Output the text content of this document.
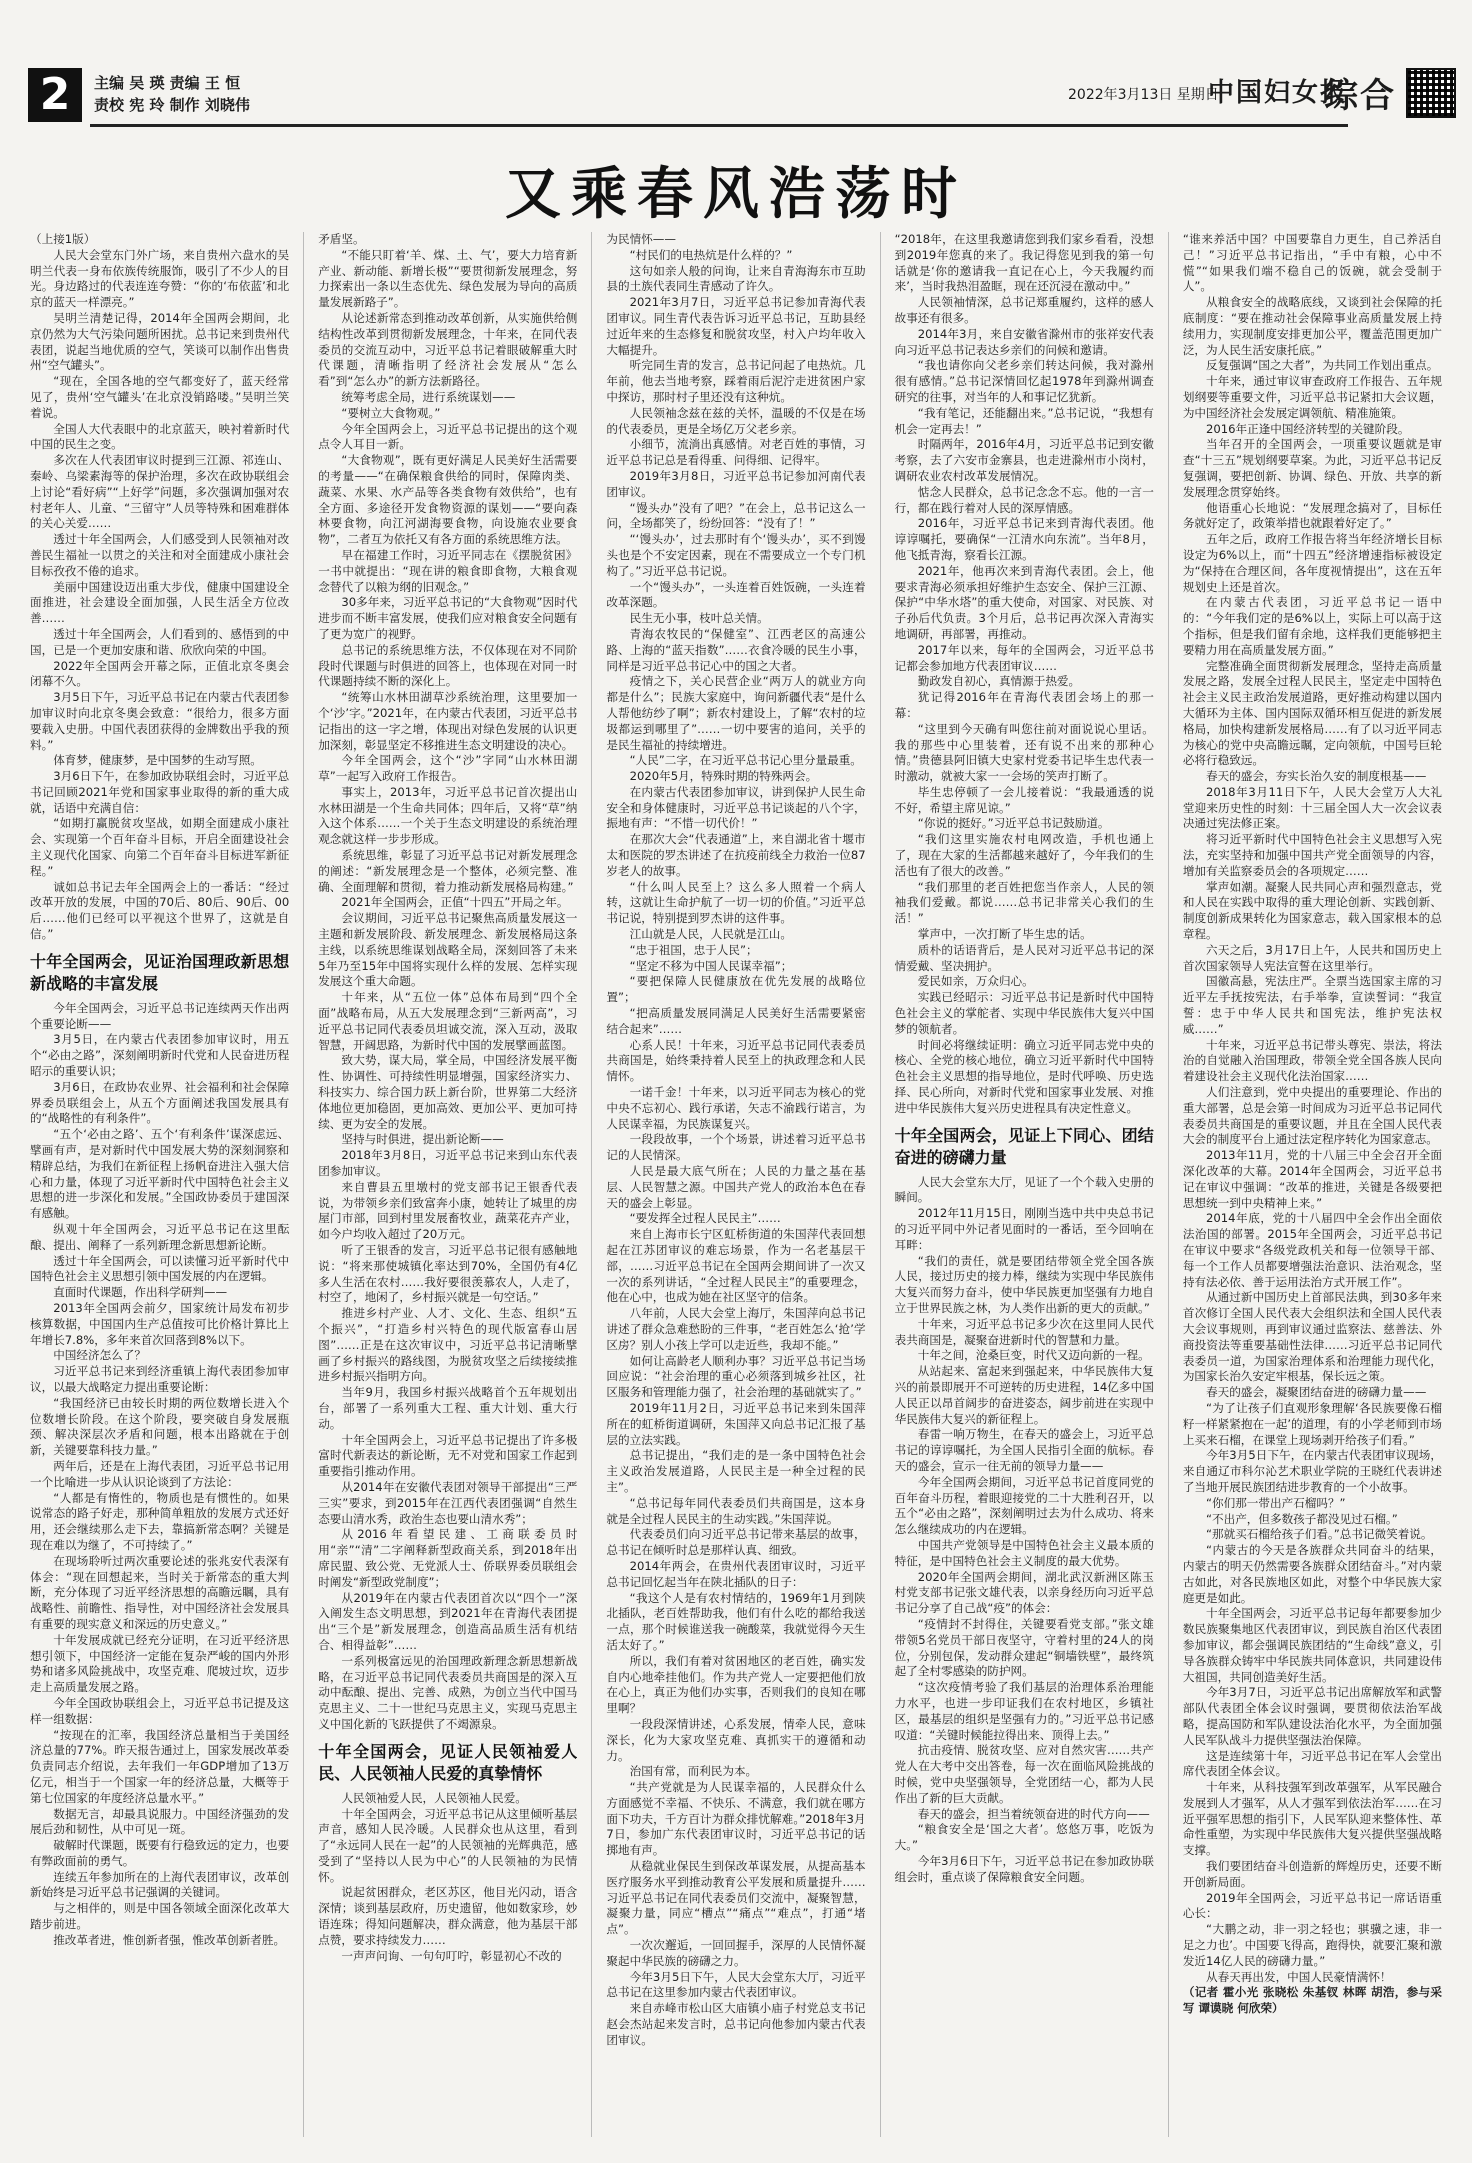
2	主编 吴 瑛 责编 王 恒
责校 宪 玲 制作 刘晓伟
2022年3月13日 星期日
中国妇女报
综合
又乘春风浩荡时

（上接1版）

人民大会堂东门外广场，来自贵州六盘水的吴明兰代表一身布依族传统服饰，吸引了不少人的目光。身边路过的代表连连夸赞：“你的‘布依蓝’和北京的蓝天一样漂亮。”

吴明兰清楚记得，2014年全国两会期间，北京仍然为大气污染问题所困扰。总书记来到贵州代表团，说起当地优质的空气，笑谈可以制作出售贵州“空气罐头”。

“现在，全国各地的空气都变好了，蓝天经常见了，贵州‘空气罐头’在北京没销路喽。”吴明兰笑着说。

全国人大代表眼中的北京蓝天，映衬着新时代中国的民生之变。

多次在人代表团审议时提到三江源、祁连山、秦岭、乌梁素海等的保护治理，多次在政协联组会上讨论“看好病”“上好学”问题，多次强调加强对农村老年人、儿童、“三留守”人员等特殊和困难群体的关心关爱……

透过十年全国两会，人们感受到人民领袖对改善民生福祉一以贯之的关注和对全面建成小康社会目标孜孜不倦的追求。

美丽中国建设迈出重大步伐，健康中国建设全面推进，社会建设全面加强，人民生活全方位改善……

透过十年全国两会，人们看到的、感悟到的中国，已是一个更加安康和谐、欣欣向荣的中国。

2022年全国两会开幕之际，正值北京冬奥会闭幕不久。

3月5日下午，习近平总书记在内蒙古代表团参加审议时向北京冬奥会致意：“很给力，很多方面要载入史册。中国代表团获得的金牌数出乎我的预料。”

体育梦，健康梦，是中国梦的生动写照。

3月6日下午，在参加政协联组会时，习近平总书记回顾2021年党和国家事业取得的新的重大成就，话语中充满自信：

“如期打赢脱贫攻坚战，如期全面建成小康社会、实现第一个百年奋斗目标，开启全面建设社会主义现代化国家、向第二个百年奋斗目标进军新征程。”

诚如总书记去年全国两会上的一番话：“经过改革开放的发展，中国的70后、80后、90后、00后……他们已经可以平视这个世界了，这就是自信。”

十年全国两会，见证治国理政新思想新战略的丰富发展

今年全国两会，习近平总书记连续两天作出两个重要论断——

3月5日，在内蒙古代表团参加审议时，用五个“必由之路”，深刻阐明新时代党和人民奋进历程昭示的重要认识；

3月6日，在政协农业界、社会福利和社会保障界委员联组会上，从五个方面阐述我国发展具有的“战略性的有利条件”。

“五个‘必由之路’、五个‘有利条件’谋深虑远、擘画有声，是对新时代中国发展大势的深刻洞察和精辟总结，为我们在新征程上扬帆奋进注入强大信心和力量，体现了习近平新时代中国特色社会主义思想的进一步深化和发展。”全国政协委员于建国深有感触。

纵观十年全国两会，习近平总书记在这里酝酿、提出、阐释了一系列新理念新思想新论断。

透过十年全国两会，可以读懂习近平新时代中国特色社会主义思想引领中国发展的内在逻辑。

直面时代课题，作出科学研判——

2013年全国两会前夕，国家统计局发布初步核算数据，中国国内生产总值按可比价格计算比上年增长7.8%，多年来首次回落到8%以下。

中国经济怎么了？

习近平总书记来到经济重镇上海代表团参加审议，以最大战略定力提出重要论断：

“我国经济已由较长时期的两位数增长进入个位数增长阶段。在这个阶段，要突破自身发展瓶颈、解决深层次矛盾和问题，根本出路就在于创新，关键要靠科技力量。”

两年后，还是在上海代表团，习近平总书记用一个比喻进一步从认识论谈到了方法论：

“人都是有惰性的，物质也是有惯性的。如果说常态的路子好走，那种简单粗放的发展方式还好用，还会继续那么走下去，靠搞新常态啊？关键是现在难以为继了，不可持续了。”

在现场聆听过两次重要论述的张兆安代表深有体会：“现在回想起来，当时关于新常态的重大判断，充分体现了习近平经济思想的高瞻远瞩，具有战略性、前瞻性、指导性，对中国经济社会发展具有重要的现实意义和深远的历史意义。”

十年发展成就已经充分证明，在习近平经济思想引领下，中国经济一定能在复杂严峻的国内外形势和诸多风险挑战中，攻坚克难、爬坡过坎，迈步走上高质量发展之路。

今年全国政协联组会上，习近平总书记提及这样一组数据：

“按现在的汇率，我国经济总量相当于美国经济总量的77%。昨天报告通过上，国家发展改革委负责同志介绍说，去年我们一年GDP增加了13万亿元，相当于一个国家一年的经济总量，大概等于第七位国家的年度经济总量水平。”

数据无言，却最具说服力。中国经济强劲的发展后劲和韧性，从中可见一斑。

破解时代课题，既要有行稳致远的定力，也要有弊政面前的勇气。

连续五年参加所在的上海代表团审议，改革创新始终是习近平总书记强调的关键词。

与之相伴的，则是中国各领域全面深化改革大踏步前进。

推改革者进，惟创新者强，惟改革创新者胜。

矛盾坚。

“不能只盯着‘羊、煤、土、气’，要大力培育新产业、新动能、新增长极”“要贯彻新发展理念，努力探索出一条以生态优先、绿色发展为导向的高质量发展新路子”。

从论述新常态到推动改革创新，从实施供给侧结构性改革到贯彻新发展理念，十年来，在同代表委员的交流互动中，习近平总书记着眼破解重大时代课题，清晰指明了经济社会发展从“怎么看”到“怎么办”的新方法新路径。

统筹考虑全局，进行系统谋划——

“要树立大食物观。”

今年全国两会上，习近平总书记提出的这个观点令人耳目一新。

“大食物观”，既有更好满足人民美好生活需要的考量——“在确保粮食供给的同时，保障肉类、蔬菜、水果、水产品等各类食物有效供给”，也有全方面、多途径开发食物资源的谋划——“要向森林要食物，向江河湖海要食物，向设施农业要食物”，二者互为依托又有各方面的系统思维方法。

早在福建工作时，习近平同志在《摆脱贫困》一书中就提出：“现在讲的粮食即食物，大粮食观念替代了以粮为纲的旧观念。”

30多年来，习近平总书记的“大食物观”因时代进步而不断丰富发展，使我们应对粮食安全问题有了更为宽广的视野。

总书记的系统思维方法，不仅体现在对不同阶段时代课题与时俱进的回答上，也体现在对同一时代课题持续不断的深化上。

“统筹山水林田湖草沙系统治理，这里要加一个‘沙’字。”2021年，在内蒙古代表团，习近平总书记指出的这一字之增，体现出对绿色发展的认识更加深刻，彰显坚定不移推进生态文明建设的决心。

今年全国两会，这个“沙”字同“山水林田湖草”一起写入政府工作报告。

事实上，2013年，习近平总书记首次提出山水林田湖是一个生命共同体；四年后，又将“草”纳入这个体系……一个关于生态文明建设的系统治理观念就这样一步步形成。

系统思维，彰显了习近平总书记对新发展理念的阐述：“新发展理念是一个整体，必须完整、准确、全面理解和贯彻，着力推动新发展格局构建。”

2021年全国两会，正值“十四五”开局之年。

会议期间，习近平总书记聚焦高质量发展这一主题和新发展阶段、新发展理念、新发展格局这条主线，以系统思维谋划战略全局，深刻回答了未来5年乃至15年中国将实现什么样的发展、怎样实现发展这个重大命题。

十年来，从“五位一体”总体布局到“四个全面”战略布局，从五大发展理念到“三新两高”，习近平总书记同代表委员坦诚交流，深入互动，汲取智慧，开阔思路，为新时代中国的发展擘画蓝图。

致大势，谋大局，掌全局，中国经济发展平衡性、协调性、可持续性明显增强，国家经济实力、科技实力、综合国力跃上新台阶，世界第二大经济体地位更加稳固，更加高效、更加公平、更加可持续、更为安全的发展。

坚持与时俱进，提出新论断——

2018年3月8日，习近平总书记来到山东代表团参加审议。

来自曹县五里墩村的党支部书记王银香代表说，为带领乡亲们致富奔小康，她转让了城里的房屋门市部，回到村里发展畜牧业，蔬菜花卉产业，如今户均收入超过了20万元。

听了王银香的发言，习近平总书记很有感触地说：“将来那使城镇化率达到70%，全国仍有4亿多人生活在农村……我好要很羡慕农人，人走了，村空了，地闲了，乡村振兴就是一句空话。”

推进乡村产业、人才、文化、生态、组织“五个振兴”，“打造乡村兴特色的现代版富春山居图”……正是在这次审议中，习近平总书记清晰擘画了乡村振兴的路线图，为脱贫攻坚之后续接续推进乡村振兴指明方向。

当年9月，我国乡村振兴战略首个五年规划出台，部署了一系列重大工程、重大计划、重大行动。

十年全国两会上，习近平总书记提出了许多极富时代新表达的新论断，无不对党和国家工作起到重要指引推动作用。

从2014年在安徽代表团对领导干部提出“三严三实”要求，到2015年在江西代表团强调“自然生态要山清水秀，政治生态也要山清水秀”；

从2016年看望民建、工商联委员时用“亲”“清”二字阐释新型政商关系，到2018年出席民盟、致公党、无党派人士、侨联界委员联组会时阐发“新型政党制度”；

从2019年在内蒙古代表团首次以“四个一”深入阐发生态文明思想，到2021年在青海代表团提出“三个是”新发展理念，创造高品质生活有机结合、相得益彰”……

一系列极富远见的治国理政新理念新思想新战略，在习近平总书记同代表委员共商国是的深入互动中酝酿、提出、完善、成熟，为创立当代中国马克思主义、二十一世纪马克思主义，实现马克思主义中国化新的飞跃提供了不竭源泉。

十年全国两会，见证人民领袖爱人民、人民领袖人民爱的真挚情怀

人民领袖爱人民，人民领袖人民爱。

十年全国两会，习近平总书记从这里倾听基层声音，感知人民冷暖。人民群众也从这里，看到了“永远同人民在一起”的人民领袖的光辉典范，感受到了“坚持以人民为中心”的人民领袖的为民情怀。

说起贫困群众，老区苏区，他目光闪动，语含深情；谈到基层政府，历史遗留，他如数家珍，妙语连珠；得知问题解决，群众满意，他为基层干部点赞，要求持续发力……

一声声问询、一句句叮咛，彰显初心不改的

为民情怀——

“村民们的电热炕是什么样的？”

这句如亲人般的问询，让来自青海海东市互助县的土族代表同生青感动了许久。

2021年3月7日，习近平总书记参加青海代表团审议。同生青代表告诉习近平总书记，互助县经过近年来的生态修复和脱贫攻坚，村入户均年收入大幅提升。

听完同生青的发言，总书记问起了电热炕。几年前，他去当地考察，踩着雨后泥泞走进贫困户家中探访，那时村子里还没有这种炕。

人民领袖念兹在兹的关怀，温暖的不仅是在场的代表委员，更是全场亿万父老乡亲。

小细节，流淌出真感情。对老百姓的事情，习近平总书记总是看得重、问得细、记得牢。

2019年3月8日，习近平总书记参加河南代表团审议。

“馒头办”没有了吧？”在会上，总书记这么一问，全场都笑了，纷纷回答：“没有了！”

“‘馒头办’，过去那时有个‘馒头办’，买不到馒头也是个不安定因素，现在不需要成立一个专门机构了。”习近平总书记说。

一个“馒头办”，一头连着百姓饭碗，一头连着改革深题。

民生无小事，枝叶总关情。

青海农牧民的“保健室”、江西老区的高速公路、上海的“蓝天指数”……衣食冷暖的民生小事，同样是习近平总书记心中的国之大者。

疫情之下，关心民营企业“两万人的就业方向都是什么”；民族大家庭中，询问新疆代表“是什么人帮他纺纱了啊”；新农村建设上，了解“农村的垃圾都运到哪里了”……一切中要害的追问，关乎的是民生福祉的持续增进。

“人民”二字，在习近平总书记心里分量最重。

2020年5月，特殊时期的特殊两会。

在内蒙古代表团参加审议，讲到保护人民生命安全和身体健康时，习近平总书记谈起的八个字，振地有声：“不惜一切代价！”

在那次大会“代表通道”上，来自湖北省十堰市太和医院的罗杰讲述了在抗疫前线全力救治一位87岁老人的故事。

“什么叫人民至上？这么多人照着一个病人转，这就让生命护航了一切一切的价值。”习近平总书记说，特别提到罗杰讲的这件事。

江山就是人民，人民就是江山。

“忠于祖国，忠于人民”；

“坚定不移为中国人民谋幸福”；

“要把保障人民健康放在优先发展的战略位置”；

“把高质量发展同满足人民美好生活需要紧密结合起来”……

心系人民！十年来，习近平总书记同代表委员共商国是，始终秉持着人民至上的执政理念和人民情怀。

一诺千金！十年来，以习近平同志为核心的党中央不忘初心、践行承诺，矢志不渝践行诺言，为人民谋幸福，为民族谋复兴。

一段段故事，一个个场景，讲述着习近平总书记的人民情深。

人民是最大底气所在；人民的力量之基在基层、人民智慧之源。中国共产党人的政治本色在春天的盛会上彰显。

“要发挥全过程人民民主”……

来自上海市长宁区虹桥街道的朱国萍代表回想起在江苏团审议的难忘场景，作为一名老基层干部，……习近平总书记在全国两会期间讲了一次又一次的系列讲话，“全过程人民民主”的重要理念，他在心中，也成为她在社区坚守的信条。

八年前，人民大会堂上海厅，朱国萍向总书记讲述了群众急难愁盼的三件事，“老百姓怎么‘抢’学区房？别人小孩上学可以走近些，我却不能。”

如何让高龄老人顺利办事？习近平总书记当场回应说：“社会治理的重心必须落到城乡社区，社区服务和管理能力强了，社会治理的基础就实了。”

2019年11月2日，习近平总书记来到朱国萍所在的虹桥街道调研，朱国萍又向总书记汇报了基层的立法实践。

总书记提出，“我们走的是一条中国特色社会主义政治发展道路，人民民主是一种全过程的民主”。

“总书记每年同代表委员们共商国是，这本身就是全过程人民民主的生动实践。”朱国萍说。

代表委员们向习近平总书记带来基层的故事，总书记在倾听时总是那样认真、细致。

2014年两会，在贵州代表团审议时，习近平总书记回忆起当年在陕北插队的日子：

“我这个人是有农村情结的，1969年1月到陕北插队，老百姓帮助我，他们有什么吃的都给我送一点，那个时候谁送我一碗酸菜，我就觉得今天生活太好了。”

所以，我们有着对贫困地区的老百姓，确实发自内心地牵挂他们。作为共产党人一定要把他们放在心上，真正为他们办实事，否则我们的良知在哪里啊？

一段段深情讲述，心系发展，情牵人民，意味深长，化为大家攻坚克难、真抓实干的遵循和动力。

治国有常，而利民为本。

“共产党就是为人民谋幸福的，人民群众什么方面感觉不幸福、不快乐、不满意，我们就在哪方面下功夫，千方百计为群众排忧解难。”2018年3月7日，参加广东代表团审议时，习近平总书记的话掷地有声。

从稳就业保民生到保改革谋发展，从提高基本医疗服务水平到推动教育公平发展和质量提升……习近平总书记在同代表委员们交流中，凝聚智慧，凝聚力量，同应“槽点”“痛点”“难点”，打通“堵点”。

一次次邂逅，一回回握手，深厚的人民情怀凝聚起中华民族的磅礴之力。

今年3月5日下午，人民大会堂东大厅，习近平总书记在这里参加内蒙古代表团审议。

来自赤峰市松山区大庙镇小庙子村党总支书记赵会杰站起来发言时，总书记向他参加内蒙古代表团审议。

“2018年，在这里我邀请您到我们家乡看看，没想到2019年您真的来了。我记得您见到我的第一句话就是‘你的邀请我一直记在心上，今天我履约而来’，当时我热泪盈眶，现在还沉浸在激动中。”

人民领袖情深，总书记郑重履约，这样的感人故事还有很多。

2014年3月，来自安徽省滁州市的张祥安代表向习近平总书记表达乡亲们的问候和邀请。

“我也请你向父老乡亲们转达问候，我对滁州很有感情。”总书记深情回忆起1978年到滁州调查研究的往事，对当年的人和事记忆犹新。

“我有笔记，还能翻出来。”总书记说，“我想有机会一定再去！”

时隔两年，2016年4月，习近平总书记到安徽考察，去了六安市金寨县，也走进滁州市小岗村，调研农业农村改革发展情况。

惦念人民群众，总书记念念不忘。他的一言一行，都在践行着对人民的深厚情感。

2016年，习近平总书记来到青海代表团。他谆谆嘱托，要确保“一江清水向东流”。当年8月，他飞抵青海，察看长江源。

2021年，他再次来到青海代表团。会上，他要求青海必须承担好维护生态安全、保护三江源、保护“中华水塔”的重大使命，对国家、对民族、对子孙后代负责。3个月后，总书记再次深入青海实地调研，再部署，再推动。

2017年以来，每年的全国两会，习近平总书记都会参加地方代表团审议……

勤政发自初心，真情源于热爱。

犹记得2016年在青海代表团会场上的那一幕：

“这里到今天确有叫您往前对面说说心里话。我的那些中心里装着，还有说不出来的那种心情。”贵德县阿旧镇大史家村党委书记毕生忠代表一时激动，就被大家一一会场的笑声打断了。

毕生忠停顿了一会儿接着说：“我最通透的说不好，希望主席见谅。”

“你说的挺好。”习近平总书记鼓励道。

“我们这里实施农村电网改造，手机也通上了，现在大家的生活都越来越好了，今年我们的生活也有了很大的改善。”

“我们那里的老百姓把您当作亲人，人民的领袖我们爱戴。都说……总书记非常关心我们的生活！”

掌声中，一次打断了毕生忠的话。

质朴的话语背后，是人民对习近平总书记的深情爱戴、坚决拥护。

爱民如亲，万众归心。

实践已经昭示：习近平总书记是新时代中国特色社会主义的掌舵者、实现中华民族伟大复兴中国梦的领航者。

时间必将继续证明：确立习近平同志党中央的核心、全党的核心地位，确立习近平新时代中国特色社会主义思想的指导地位，是时代呼唤、历史选择、民心所向，对新时代党和国家事业发展、对推进中华民族伟大复兴历史进程具有决定性意义。

十年全国两会，见证上下同心、团结奋进的磅礴力量

人民大会堂东大厅，见证了一个个载入史册的瞬间。

2012年11月15日，刚刚当选中共中央总书记的习近平同中外记者见面时的一番话，至今回响在耳畔：

“我们的责任，就是要团结带领全党全国各族人民，接过历史的接力棒，继续为实现中华民族伟大复兴而努力奋斗，使中华民族更加坚强有力地自立于世界民族之林，为人类作出新的更大的贡献。”

十年来，习近平总书记多少次在这里同人民代表共商国是，凝聚奋进新时代的智慧和力量。

十年之间，沧桑巨变，时代又迈向新的一程。

从站起来、富起来到强起来，中华民族伟大复兴的前景即展开不可逆转的历史进程，14亿多中国人民正以昂首阔步的奋进姿态，阔步前进在实现中华民族伟大复兴的新征程上。

春雷一响万物生，在春天的盛会上，习近平总书记的谆谆嘱托，为全国人民指引全面的航标。春天的盛会，宣示一往无前的领导力量——

今年全国两会期间，习近平总书记首度同党的百年奋斗历程，着眼迎接党的二十大胜利召开，以五个“必由之路”，深刻阐明过去为什么成功、将来怎么继续成功的内在逻辑。

中国共产党领导是中国特色社会主义最本质的特征，是中国特色社会主义制度的最大优势。

2020年全国两会期间，湖北武汉新洲区陈玉村党支部书记张文雄代表，以亲身经历向习近平总书记分享了自己战“疫”的体会：

“疫情封不封得住，关键要看党支部。”张文雄带领5名党员干部日夜坚守，守着村里的24人的岗位，分别包保，发动群众建起“铜墙铁壁”，最终筑起了全村零感染的防护网。

“这次疫情考验了我们基层的治理体系治理能力水平，也进一步印证我们在农村地区，乡镇社区，最基层的组织是坚强有力的。”习近平总书记感叹道：“关键时候能拉得出来、顶得上去。”

抗击疫情、脱贫攻坚、应对自然灾害……共产党人在大考中交出答卷，每一次在面临风险挑战的时候，党中央坚强领导，全党团结一心，都为人民作出了新的巨大贡献。

春天的盛会，担当着统领奋进的时代方向——

“粮食安全是‘国之大者’。悠悠万事，吃饭为大。”

今年3月6日下午，习近平总书记在参加政协联组会时，重点谈了保障粮食安全问题。

“谁来养活中国？中国要靠自力更生，自己养活自己！”习近平总书记指出，“手中有粮，心中不慌”“如果我们端不稳自己的饭碗，就会受制于人”。

从粮食安全的战略底线，又谈到社会保障的托底制度：“要在推动社会保障事业高质量发展上持续用力，实现制度安排更加公平，覆盖范围更加广泛，为人民生活安康托底。”

反复强调“国之大者”，为共同工作划出重点。

十年来，通过审议审查政府工作报告、五年规划纲要等重要文件，习近平总书记紧扣大会议题，为中国经济社会发展定调领航、精准施策。

2016年正逢中国经济转型的关键阶段。

当年召开的全国两会，一项重要议题就是审查“十三五”规划纲要草案。为此，习近平总书记反复强调，要把创新、协调、绿色、开放、共享的新发展理念贯穿始终。

他语重心长地说：“发展理念搞对了，目标任务就好定了，政策举措也就跟着好定了。”

五年之后，政府工作报告将当年经济增长目标设定为6%以上，而“十四五”经济增速指标被设定为“保持在合理区间，各年度视情提出”，这在五年规划史上还是首次。

在内蒙古代表团，习近平总书记一语中的：“今年我们定的是6%以上，实际上可以高于这个指标，但是我们留有余地，这样我们更能够把主要精力用在高质量发展方面。”

完整准确全面贯彻新发展理念，坚持走高质量发展之路，发展全过程人民民主，坚定走中国特色社会主义民主政治发展道路，更好推动构建以国内大循环为主体、国内国际双循环相互促进的新发展格局，加快构建新发展格局……有了以习近平同志为核心的党中央高瞻远瞩，定向领航，中国号巨轮必将行稳致远。

春天的盛会，夯实长治久安的制度根基——

2018年3月11日下午，人民大会堂万人大礼堂迎来历史性的时刻：十三届全国人大一次会议表决通过宪法修正案。

将习近平新时代中国特色社会主义思想写入宪法，充实坚持和加强中国共产党全面领导的内容，增加有关监察委员会的各项规定……

掌声如潮。凝聚人民共同心声和强烈意志，党和人民在实践中取得的重大理论创新、实践创新、制度创新成果转化为国家意志，载入国家根本的总章程。

六天之后，3月17日上午，人民共和国历史上首次国家领导人宪法宣誓在这里举行。

国徽高悬，宪法庄严。全票当选国家主席的习近平左手抚按宪法，右手举拳，宣读誓词：“我宣誓：忠于中华人民共和国宪法，维护宪法权威……”

十年来，习近平总书记带头尊宪、崇法，将法治的自觉融入治国理政，带领全党全国各族人民向着建设社会主义现代化法治国家……

人们注意到，党中央提出的重要理论、作出的重大部署，总是会第一时间成为习近平总书记同代表委员共商国是的重要议题，并且在全国人民代表大会的制度平台上通过法定程序转化为国家意志。

2013年11月，党的十八届三中全会召开全面深化改革的大幕。2014年全国两会，习近平总书记在审议中强调：“改革的推进，关键是各级要把思想统一到中央精神上来。”

2014年底，党的十八届四中全会作出全面依法治国的部署。2015年全国两会，习近平总书记在审议中要求“各级党政机关和每一位领导干部、每一个工作人员都要增强法治意识、法治观念，坚持有法必依、善于运用法治方式开展工作”。

从通过新中国历史上首部民法典，到30多年来首次修订全国人民代表大会组织法和全国人民代表大会议事规则，再到审议通过监察法、慈善法、外商投资法等重要基础性法律……习近平总书记同代表委员一道，为国家治理体系和治理能力现代化，为国家长治久安定牢根基，保长远之策。

春天的盛会，凝聚团结奋进的磅礴力量——

“为了让孩子们直观形象理解‘各民族要像石榴籽一样紧紧抱在一起’的道理，有的小学老师到市场上买来石榴，在课堂上现场剥开给孩子们看。”

今年3月5日下午，在内蒙古代表团审议现场，来自通辽市科尔沁艺术职业学院的王晓红代表讲述了当地开展民族团结进步教育的一个小故事。

“你们那一带出产石榴吗？”

“不出产，但多数孩子都没见过石榴。”

“那就买石榴给孩子们看。”总书记微笑着说。

“内蒙古的今天是各族群众共同奋斗的结果，内蒙古的明天仍然需要各族群众团结奋斗。”对内蒙古如此，对各民族地区如此，对整个中华民族大家庭更是如此。

十年全国两会，习近平总书记每年都要参加少数民族聚集地区代表团审议，到民族自治区代表团参加审议，都会强调民族团结的“生命线”意义，引导各族群众铸牢中华民族共同体意识，共同建设伟大祖国，共同创造美好生活。

今年3月7日，习近平总书记出席解放军和武警部队代表团全体会议时强调，要贯彻依法治军战略，提高国防和军队建设法治化水平，为全面加强人民军队战斗力提供坚强法治保障。

这是连续第十年，习近平总书记在军人会堂出席代表团全体会议。

十年来，从科技强军到改革强军，从军民融合发展到人才强军，从人才强军到依法治军……在习近平强军思想的指引下，人民军队迎来整体性、革命性重塑，为实现中华民族伟大复兴提供坚强战略支撑。

我们要团结奋斗创造新的辉煌历史，还要不断开创新局面。

2019年全国两会，习近平总书记一席话语重心长：

“大鹏之动，非一羽之轻也；骐骥之速，非一足之力也’。中国要飞得高，跑得快，就要汇聚和激发近14亿人民的磅礴力量。”

从春天再出发，中国人民豪情满怀！

（记者 霍小光 张晓松 朱基钗 林晖 胡浩，参与采写 谭谟晓 何欣荣）
